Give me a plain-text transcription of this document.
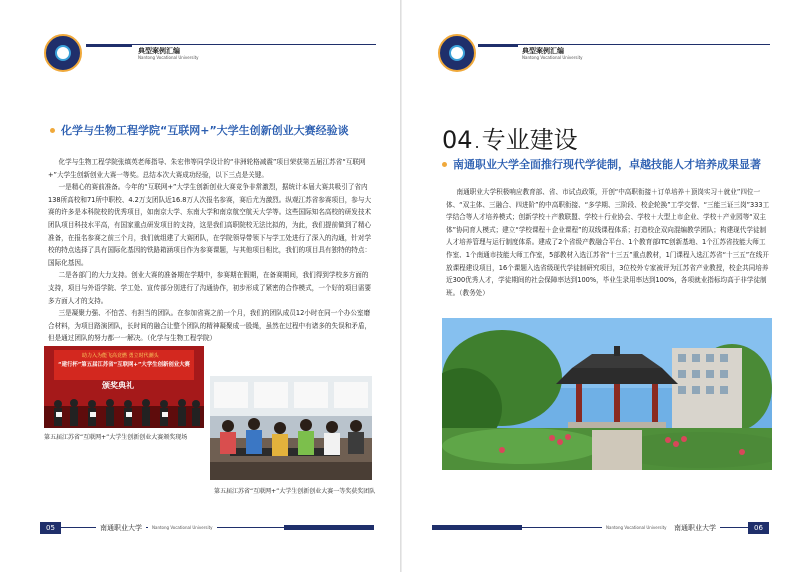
典型案例汇编
Nantong Vocational University
化学与生物工程学院“互联网+”大学生创新创业大赛经验谈

化学与生物工程学院张缜英老师指导、朱宏伟等同学设计的“非洲轮格减震”项目荣获第五届江苏省“互联网+”大学生创新创业大赛一等奖。总结本次大赛成功经验，以下三点是关键。

一是精心的赛前准备。今年的“互联网+”大学生创新创业大赛竞争非常激烈，据统计本届大赛共吸引了省内138所高校和71所中职校、4.2万支团队近16.8万人次报名参赛，赛后尤为激烈。纵观江苏省参赛项目，参与大赛的许多是本科院校的优秀项目，如南京大学、东南大学和南京航空航天大学等。这些国际知名高校的研发技术团队项目科技水平高，有国家重点研发项目的支持，这是我们高职院校无法比拟的，为此，我们提前做到了精心准备，在报名参赛之前三个月，我们就组建了大赛团队，在学院领导带领下与学工处进行了深入的沟通，针对学校的特点选择了具有国际化基因的铁路箱涵项目作为参赛课题，与其他项目相比，我们的项目具有独特的特点：国际化基因。

二是各部门的大力支持。创业大赛的准备期在学期中，参赛期在假期，在备赛期间，我们得到学校多方面的支持，项目与外语学院、学工处、宣传部分别进行了沟通协作，初步形成了紧密的合作模式，一个好的项目需要多方面人才的支持。

三是凝聚力强、不怕苦、有担当的团队。在参加省赛之前一个月，我们的团队成员12小时在同一个办公室磨合材料，为项目路演团队，长时间的融合让整个团队的精神凝聚成一股绳，虽然在过程中有诸多的失误和矛盾，但是通过团队的努力都一一解决。（化学与生物工程学院）

助力入为能飞高竞燃 勇立时代潮头
“建行杯”第五届江苏省“互联网+”大学生创新创业大赛
颁奖典礼
第五届江苏省“互联网+”大学生创新创业大赛颁奖现场
第五届江苏省“互联网+”大学生创新创业大赛一等奖获奖团队
05	南通职业大学	Nantong Vocational University
典型案例汇编
Nantong Vocational University
04 .专业建设
南通职业大学全面推行现代学徒制，卓越技能人才培养成果显著

南通职业大学积极响应教育部、省、市试点政策，开创“中高职衔接＋订单培养＋顶岗实习＋就业”四位一体、“双主体、三融合、四进阶”的中高职衔接、“多学期、三阶段、校企轮换”工学交替、“三能三证三岗”333工学结合等人才培养模式；创新学校＋产教联盟、学校＋行业协会、学校＋大型上市企业、学校＋产业园等“双主体”协同育人模式；建立“学校课程＋企业课程”的双线课程体系；打造校企双向混编教学团队；构建现代学徒制人才培养管理与运行制度体系。建成了2个省级产教融合平台、1个教育部ITC创新基地、1个江苏省技能大师工作室、1个南通市技能大师工作室，5部教材入选江苏省“十三五”重点教材，1门课程入选江苏省“十三五”在线开放课程建设项目，16个课题入选省级现代学徒制研究项目，3位校外专家被评为江苏省产业教授，校企共同培养近300优秀人才，学徒期间的社会保障率达到100%，毕业生录用率达到100%，各项就业指标均高于非学徒制班。（教务处）

Nantong Vocational University	南通职业大学	06
